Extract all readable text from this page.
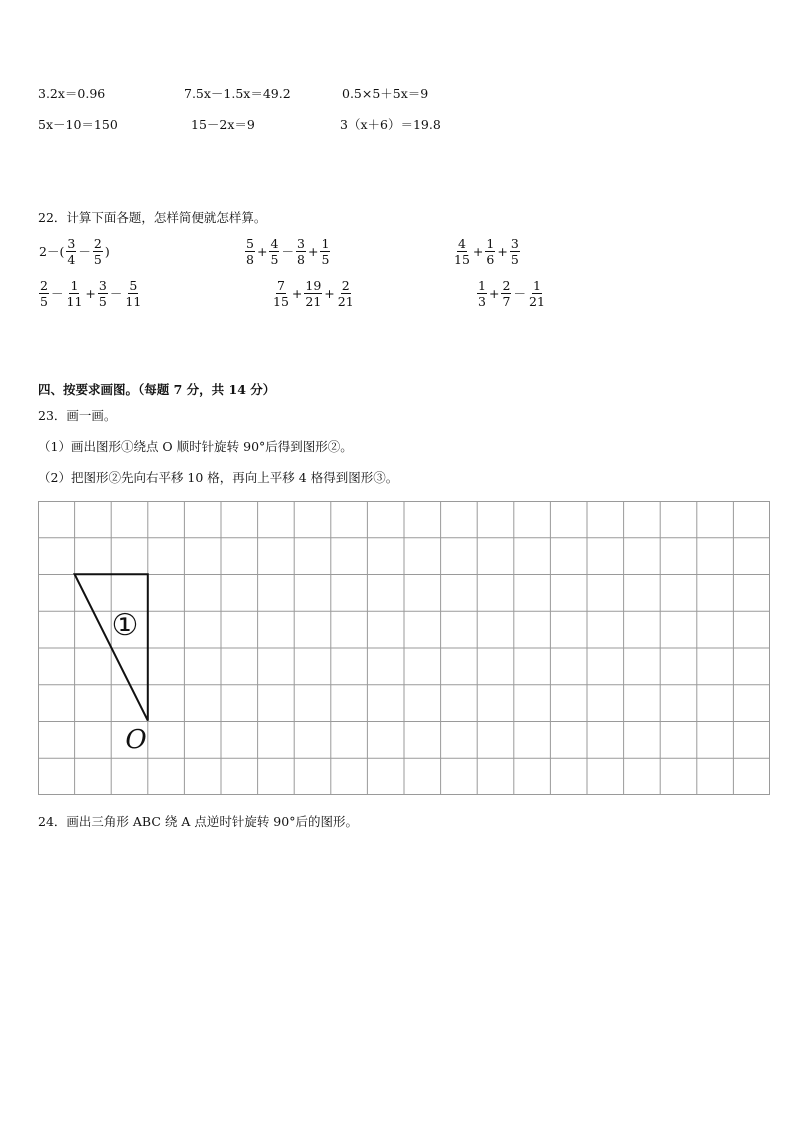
3.2x＝0.96	7.5x－1.5x＝49.2	0.5×5＋5x＝9
5x－10＝150	15－2x＝9	3（x＋6）＝19.8
22．计算下面各题，怎样简便就怎样算。
$2-( \frac{3}{4} - \frac{2}{5}$ )	$\frac{5}{8} + \frac{4}{5} - \frac{3}{8} + \frac{1}{5}$	$\frac{4}{15} + \frac{1}{6} + \frac{3}{5}$
$\frac{2}{5} - \frac{1}{11} + \frac{3}{5} - \frac{5}{11}$	$\frac{7}{15} + \frac{19}{21} + \frac{2}{21}$	$\frac{1}{3} + \frac{2}{7} - \frac{1}{21}$
四、按要求画图。（每题 7 分，共 14 分）
23．画一画。
（1）画出图形①绕点 O 顺时针旋转 90°后得到图形②。
（2）把图形②先向右平移 10 格，再向上平移 4 格得到图形③。
①
O
24．画出三角形 ABC 绕 A 点逆时针旋转 90°后的图形。
